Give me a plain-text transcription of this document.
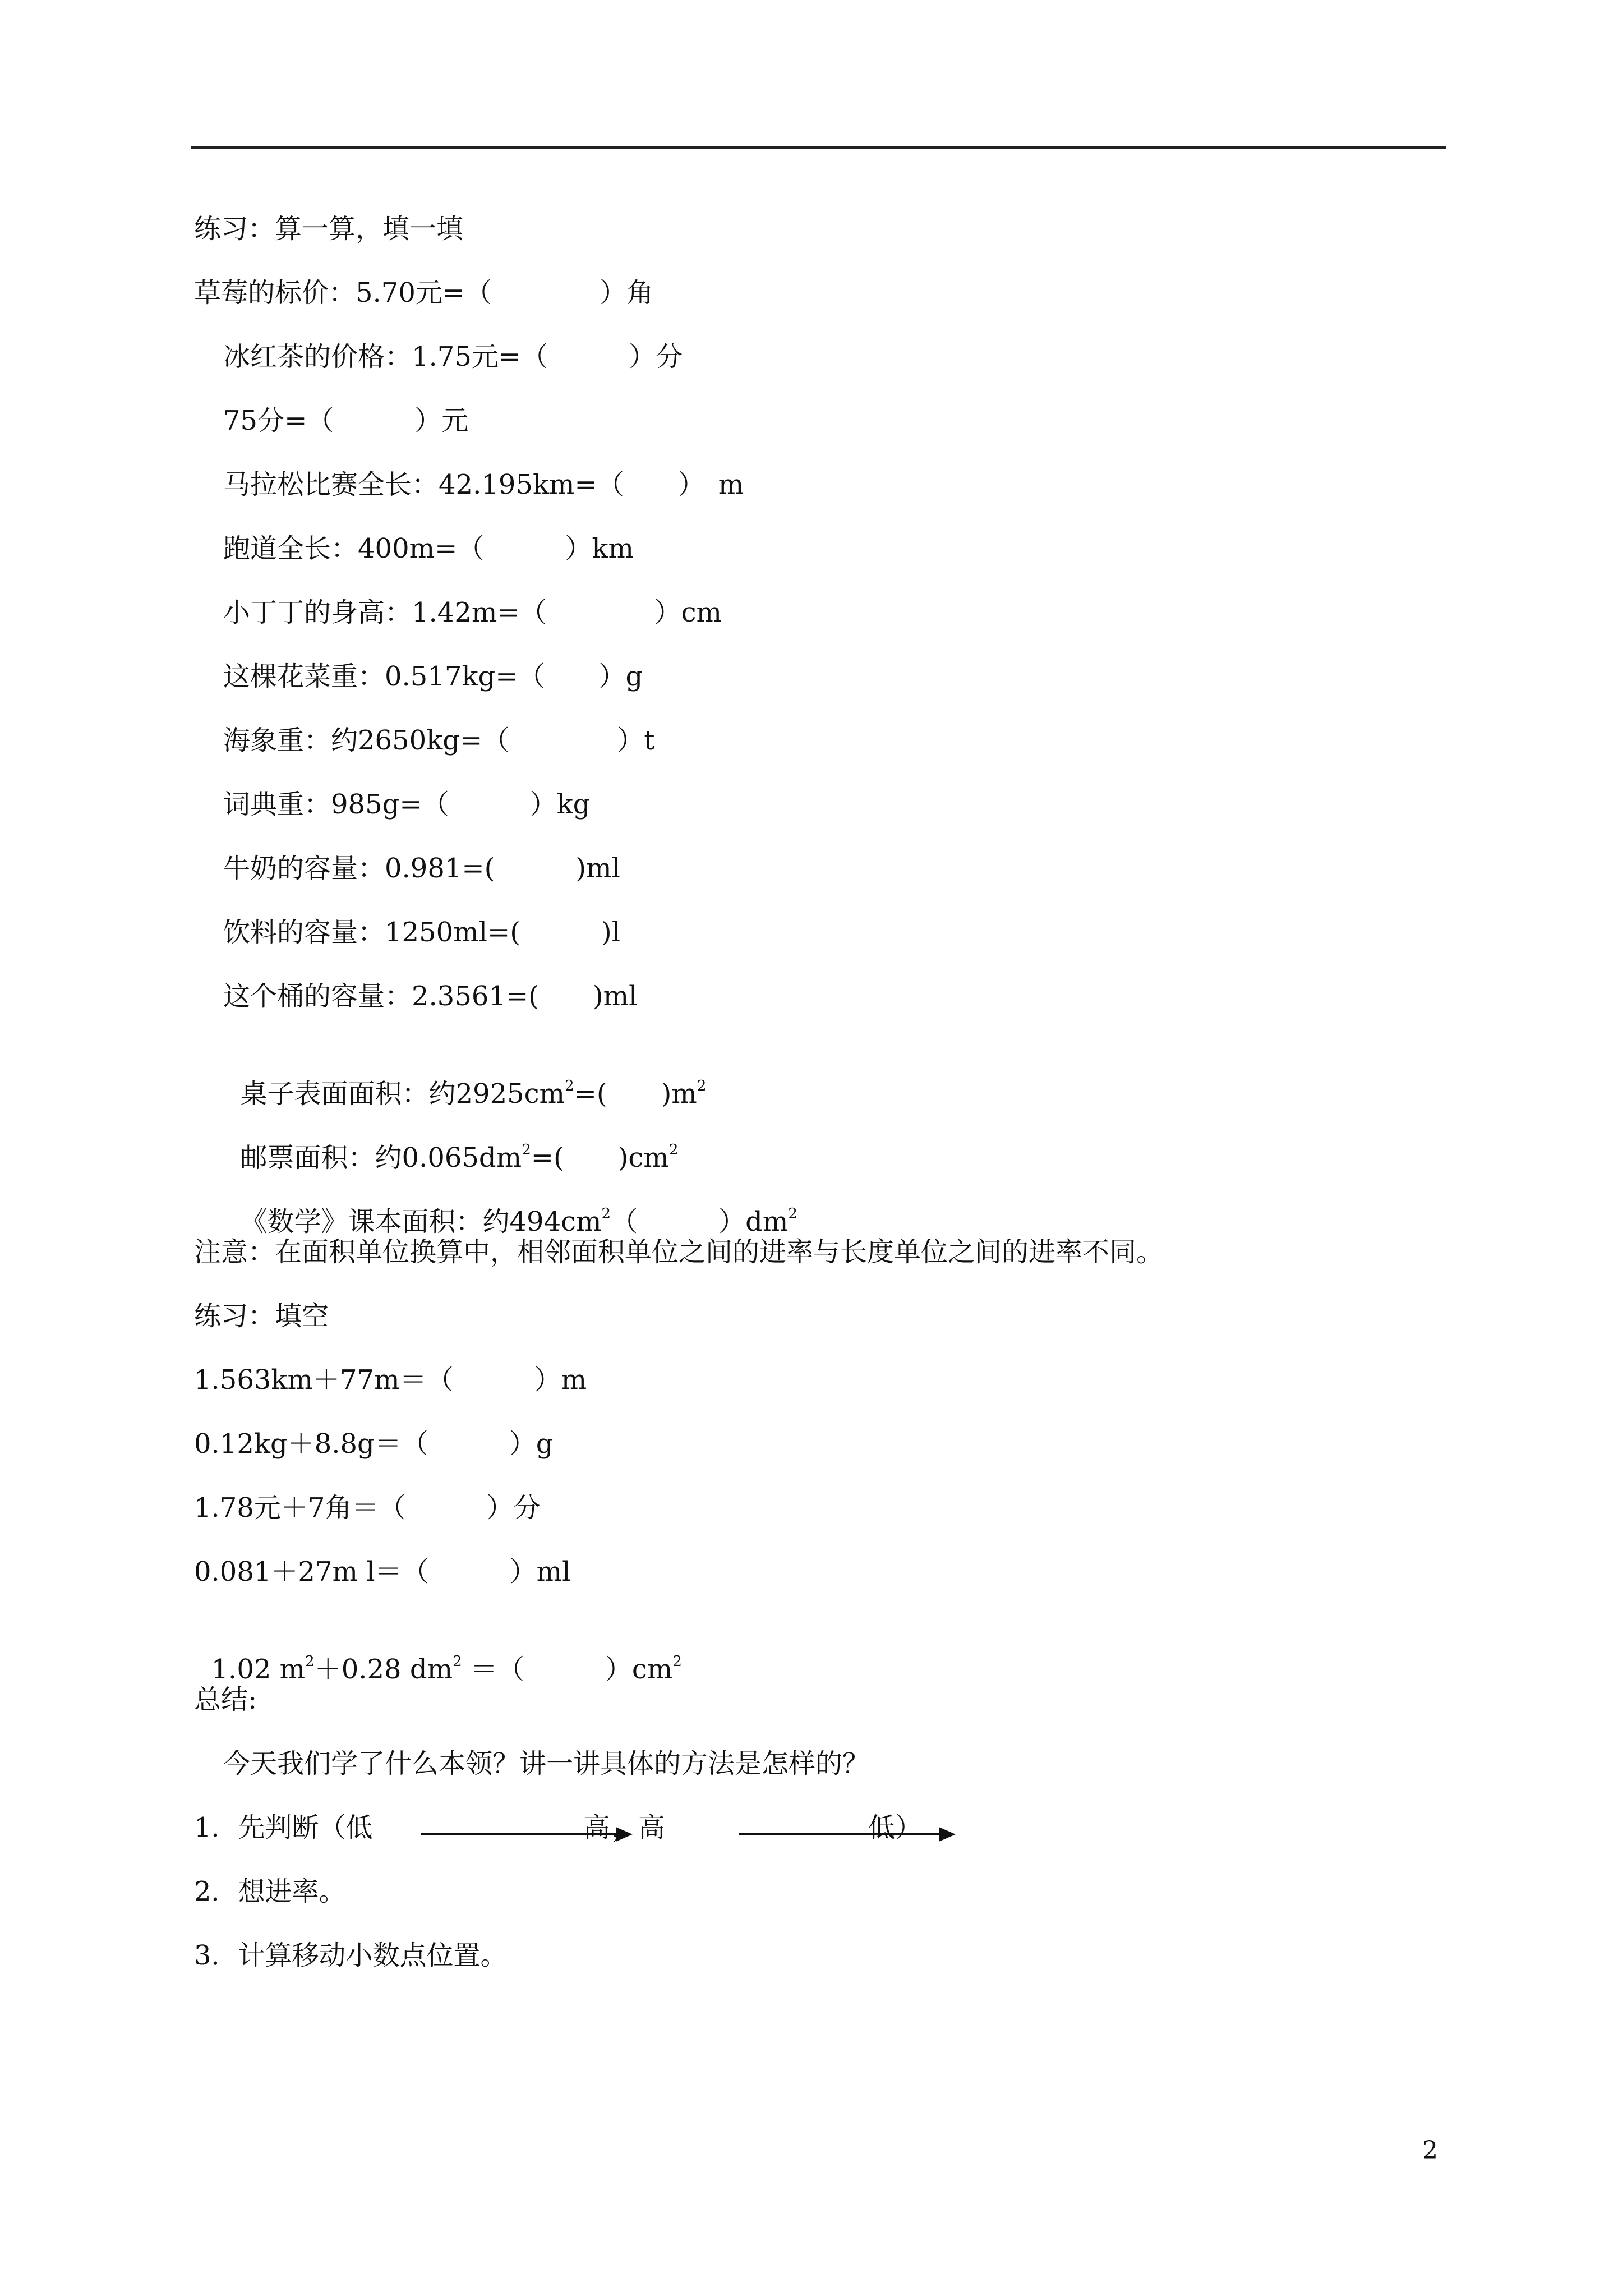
练习：算一算，填一填
草莓的标价：5.70元=（　　　　）角
冰红茶的价格：1.75元=（　　　）分
75分=（　　　）元
马拉松比赛全长：42.195km=（　　）　m
跑道全长：400m=（　　　）km
小丁丁的身高：1.42m=（　　　　）cm
这棵花菜重：0.517kg=（　　）g
海象重：约2650kg=（　　　　）t
词典重：985g=（　　　）kg
牛奶的容量：0.981=(　　　)ml
饮料的容量：1250ml=(　　　)l
这个桶的容量：2.3561=(　　)ml

桌子表面面积：约$2925cm^2=$(　　)$m^2$

邮票面积：约$0.065dm^2=$(　　)$cm^2$

《数学》课本面积：约$494cm^2$（　　　）$dm^2$

注意：在面积单位换算中，相邻面积单位之间的进率与长度单位之间的进率不同。
练习：填空
1.563km＋77m＝（　　　）m
0.12kg＋8.8g＝（　　　）g
1.78元＋7角＝（　　　）分
0.081＋27m l＝（　　　）ml

1.02 $m^2+0.28$ $dm^2$ ＝（　　　）$cm^2$

总结:
今天我们学了什么本领？讲一讲具体的方法是怎样的？
1．先判断（低	高 ，高	低）
2．想进率。
3．计算移动小数点位置。
2
